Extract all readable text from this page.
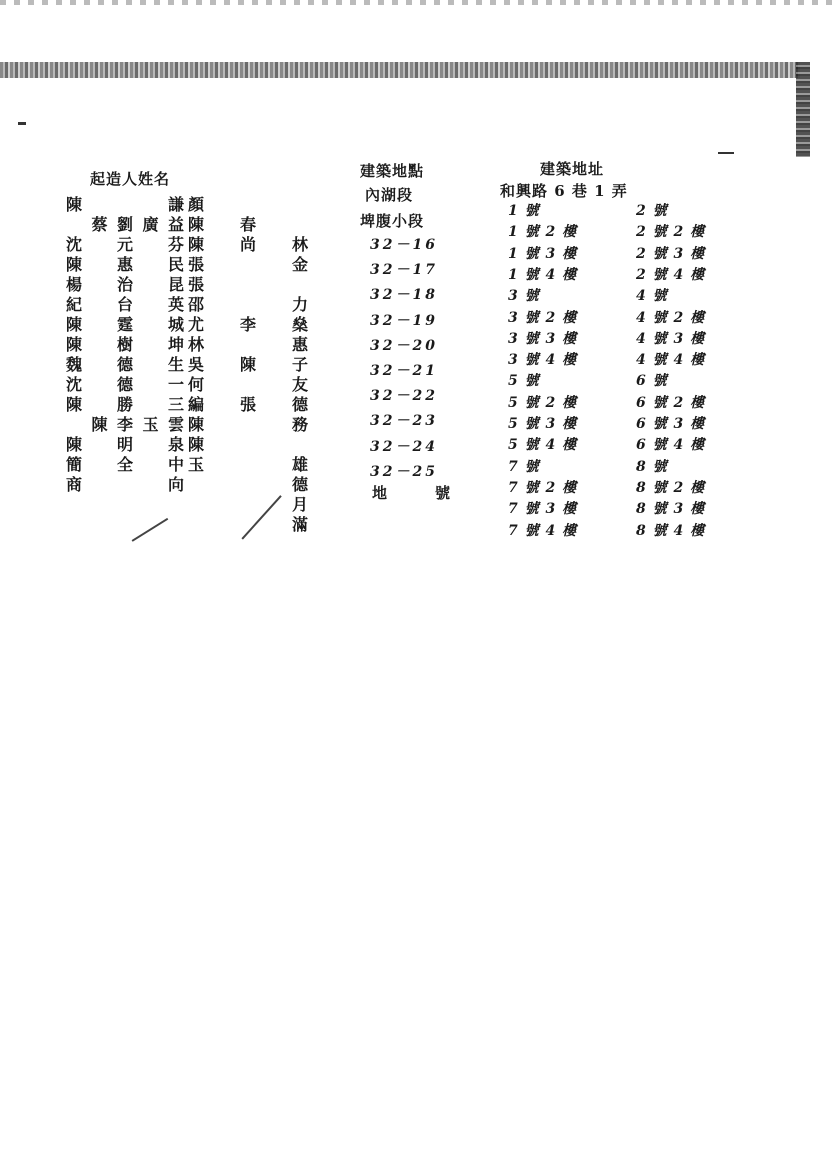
起造人姓名
謙
陳
益
廣
劉
蔡
芬
元
沈
民
惠
陳
昆
治
楊
英
台
紀
城
霆
陳
坤
樹
陳
生
德
魏
一
德
沈
三
勝
陳
雲
玉
李
陳
泉
明
陳
中
全
簡
向
商
顏
春
陳
林
尚
陳
金
張
張
力
邵
燊
李
尤
惠
林
子
陳
吳
友
何
德
張
編
務
陳
陳
雄
玉
德
月
滿

建築地點
內湖段
埤腹小段
32－16
32－17
32－18
32－19
32－20
32－21
32－22
32－23
32－24
32－25
地　　號
建築地址
和興路 6 巷 1 弄
1 號
1 號 2 樓
1 號 3 樓
1 號 4 樓
3 號
3 號 2 樓
3 號 3 樓
3 號 4 樓
5 號
5 號 2 樓
5 號 3 樓
5 號 4 樓
7 號
7 號 2 樓
7 號 3 樓
7 號 4 樓
2 號
2 號 2 樓
2 號 3 樓
2 號 4 樓
4 號
4 號 2 樓
4 號 3 樓
4 號 4 樓
6 號
6 號 2 樓
6 號 3 樓
6 號 4 樓
8 號
8 號 2 樓
8 號 3 樓
8 號 4 樓
